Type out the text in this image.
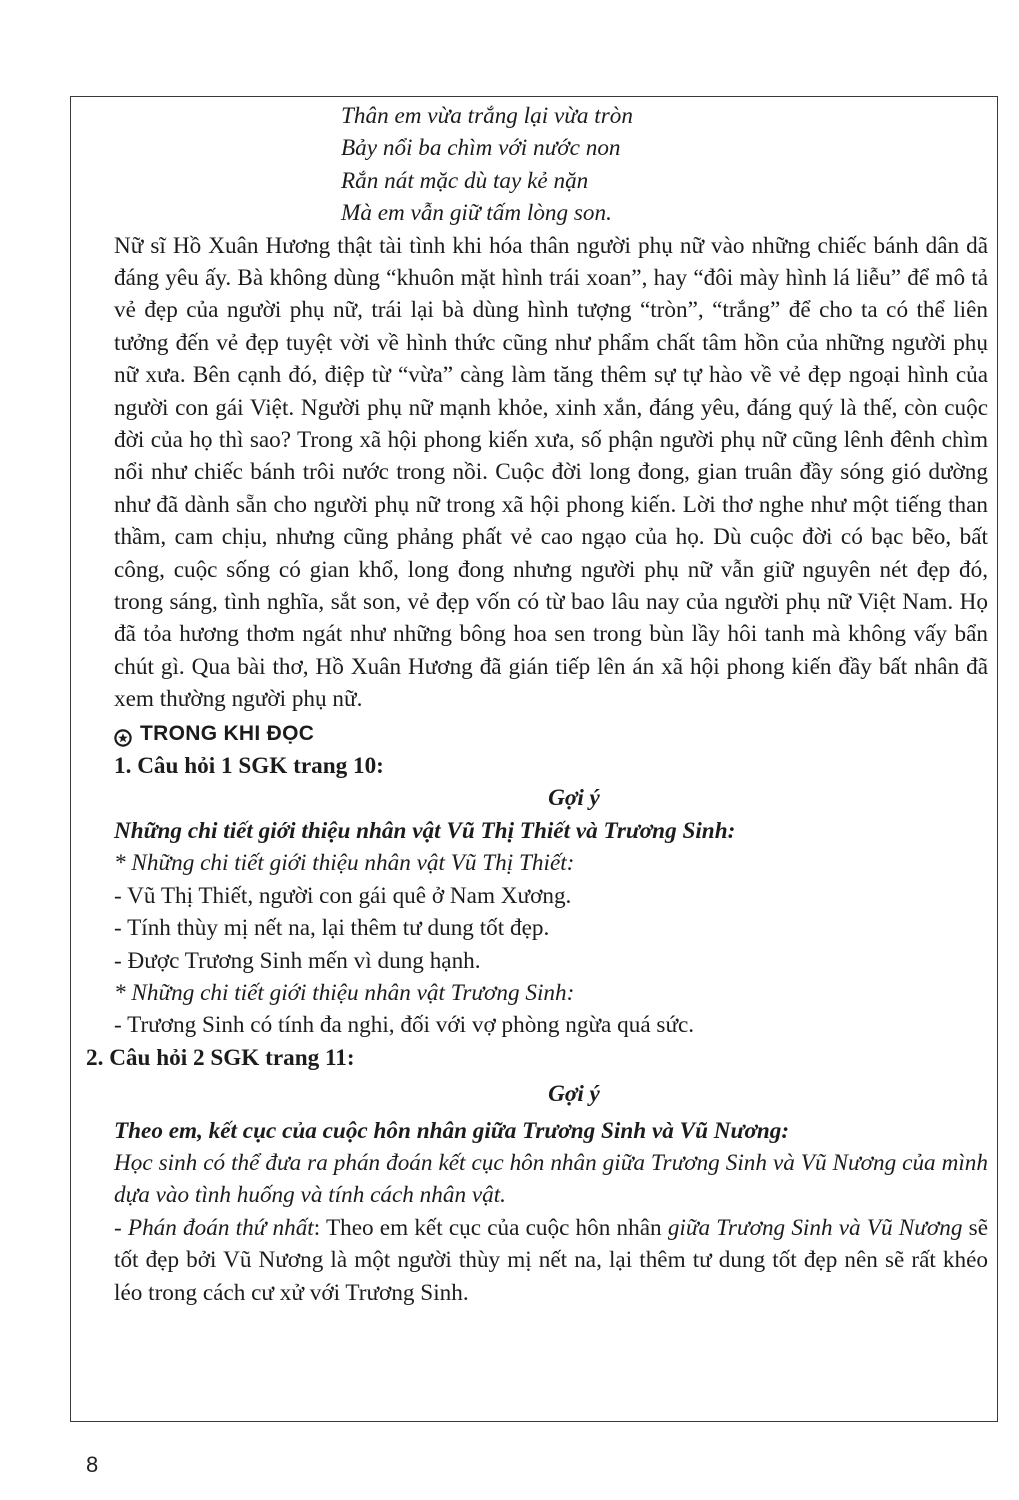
Thân em vừa trắng lại vừa tròn
Bảy nổi ba chìm với nước non
Rắn nát mặc dù tay kẻ nặn
Mà em vẫn giữ tấm lòng son.

Nữ sĩ Hồ Xuân Hương thật tài tình khi hóa thân người phụ nữ vào những chiếc bánh dân dã đáng yêu ấy. Bà không dùng “khuôn mặt hình trái xoan”, hay “đôi mày hình lá liễu” để mô tả vẻ đẹp của người phụ nữ, trái lại bà dùng hình tượng “tròn”, “trắng” để cho ta có thể liên tưởng đến vẻ đẹp tuyệt vời về hình thức cũng như phẩm chất tâm hồn của những người phụ nữ xưa. Bên cạnh đó, điệp từ “vừa” càng làm tăng thêm sự tự hào về vẻ đẹp ngoại hình của người con gái Việt. Người phụ nữ mạnh khỏe, xinh xắn, đáng yêu, đáng quý là thế, còn cuộc đời của họ thì sao? Trong xã hội phong kiến xưa, số phận người phụ nữ cũng lênh đênh chìm nổi như chiếc bánh trôi nước trong nồi. Cuộc đời long đong, gian truân đầy sóng gió dường như đã dành sẵn cho người phụ nữ trong xã hội phong kiến. Lời thơ nghe như một tiếng than thầm, cam chịu, nhưng cũng phảng phất vẻ cao ngạo của họ. Dù cuộc đời có bạc bẽo, bất công, cuộc sống có gian khổ, long đong nhưng người phụ nữ vẫn giữ nguyên nét đẹp đó, trong sáng, tình nghĩa, sắt son, vẻ đẹp vốn có từ bao lâu nay của người phụ nữ Việt Nam. Họ đã tỏa hương thơm ngát như những bông hoa sen trong bùn lầy hôi tanh mà không vấy bẩn chút gì. Qua bài thơ, Hồ Xuân Hương đã gián tiếp lên án xã hội phong kiến đầy bất nhân đã xem thường người phụ nữ.

TRONG KHI ĐỌC
1. Câu hỏi 1 SGK trang 10:
Gợi ý
Những chi tiết giới thiệu nhân vật Vũ Thị Thiết và Trương Sinh:
* Những chi tiết giới thiệu nhân vật Vũ Thị Thiết:
- Vũ Thị Thiết, người con gái quê ở Nam Xương.
- Tính thùy mị nết na, lại thêm tư dung tốt đẹp.
- Được Trương Sinh mến vì dung hạnh.
* Những chi tiết giới thiệu nhân vật Trương Sinh:
- Trương Sinh có tính đa nghi, đối với vợ phòng ngừa quá sức.
2. Câu hỏi 2 SGK trang 11:
Gợi ý
Theo em, kết cục của cuộc hôn nhân giữa Trương Sinh và Vũ Nương:

Học sinh có thể đưa ra phán đoán kết cục hôn nhân giữa Trương Sinh và Vũ Nương của mình dựa vào tình huống và tính cách nhân vật.

- Phán đoán thứ nhất: Theo em kết cục của cuộc hôn nhân giữa Trương Sinh và Vũ Nương sẽ tốt đẹp bởi Vũ Nương là một người thùy mị nết na, lại thêm tư dung tốt đẹp nên sẽ rất khéo léo trong cách cư xử với Trương Sinh.

8
